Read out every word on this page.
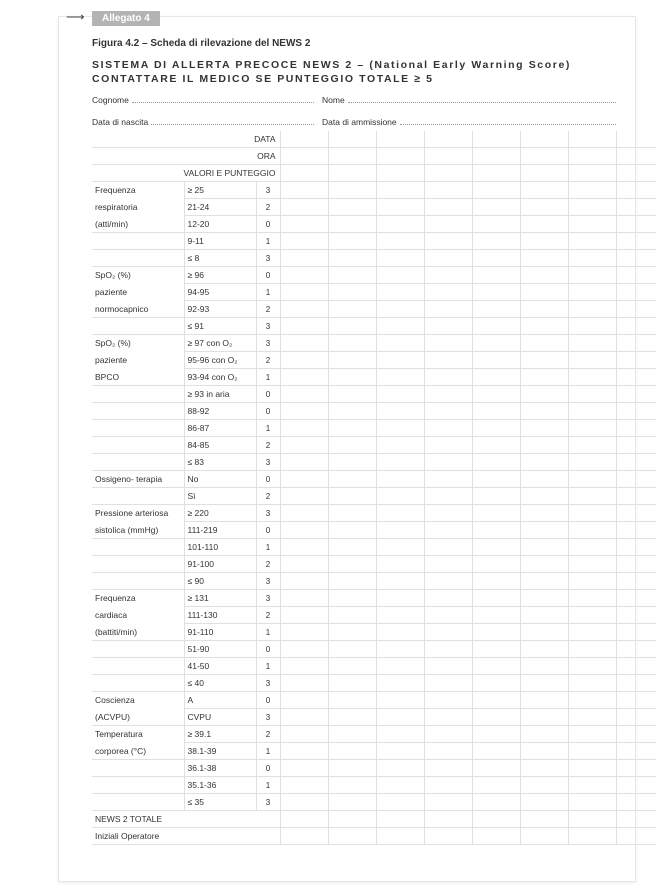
⟶	Allegato 4
Figura 4.2 – Scheda di rilevazione del NEWS 2
SISTEMA DI ALLERTA PRECOCE NEWS 2 – (National Early Warning Score)
CONTATTARE IL MEDICO SE PUNTEGGIO TOTALE ≥ 5
Cognome	Nome
Data di nascita	Data di ammissione
DATA										
ORA										
VALORI E PUNTEGGIO										
Frequenza	≥ 25	3								
respiratoria	21-24	2								
(atti/min)	12-20	0								
	9-11	1								
	≤ 8	3								
SpO₂ (%)	≥ 96	0								
paziente	94-95	1								
normocapnico	92-93	2								
	≤ 91	3								
SpO₂ (%)	≥ 97 con O₂	3								
paziente	95-96 con O₂	2								
BPCO	93-94 con O₂	1								
	≥ 93 in aria	0								
	88-92	0								
	86-87	1								
	84-85	2								
	≤ 83	3								
Ossigeno- terapia	No	0								
	Sì	2								
Pressione arteriosa	≥ 220	3								
sistolica (mmHg)	111-219	0								
	101-110	1								
	91-100	2								
	≤ 90	3								
Frequenza	≥ 131	3								
cardiaca	111-130	2								
(battiti/min)	91-110	1								
	51-90	0								
	41-50	1								
	≤ 40	3								
Coscienza	A	0								
(ACVPU)	CVPU	3								
Temperatura	≥ 39.1	2								
corporea (°C)	38.1-39	1								
	36.1-38	0								
	35.1-36	1								
	≤ 35	3								
NEWS 2 TOTALE										
Iniziali Operatore										
